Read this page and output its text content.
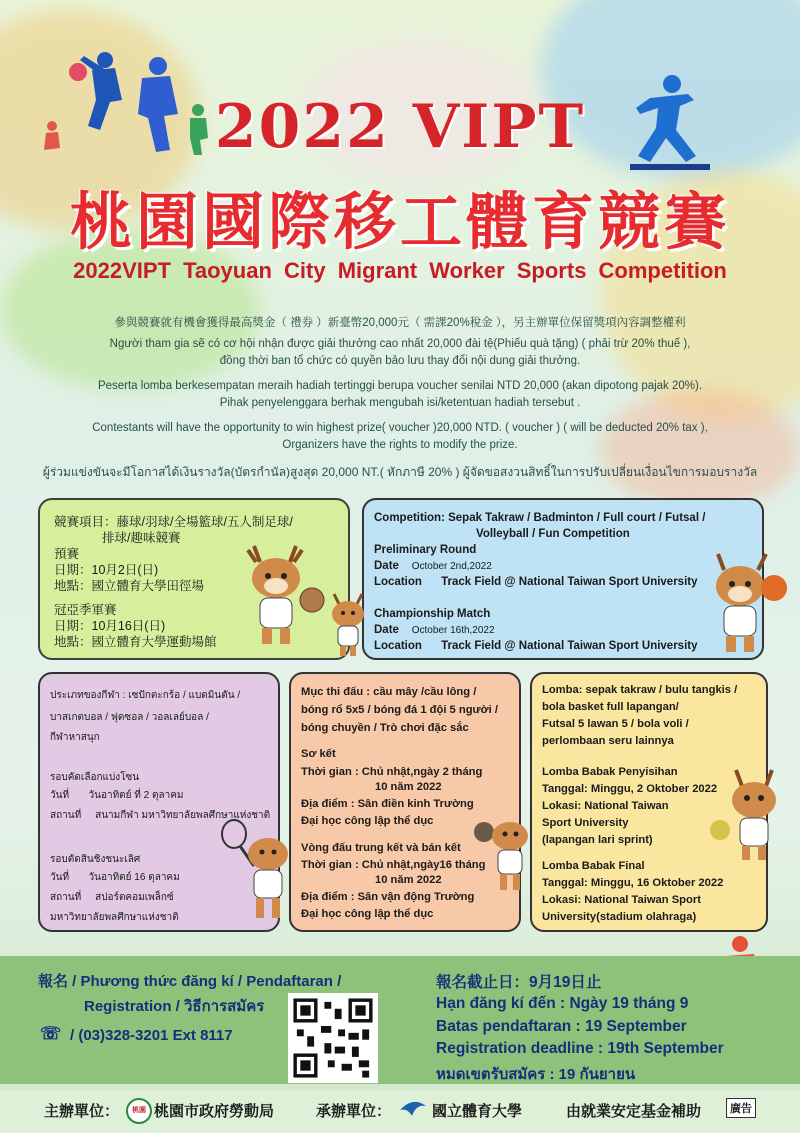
2022 VIPT
桃園國際移工體育競賽
2022VIPT Taoyuan City Migrant Worker Sports Competition
參與競賽就有機會獲得最高獎金（ 禮券 ）新臺幣20,000元（ 需課20%稅金 ），另主辦單位保留獎項內容調整權利
Người tham gia sẽ có cơ hội nhận được giải thưởng cao nhất 20,000 đài tệ(Phiếu quà tặng) ( phải trừ 20% thuế ),
đồng thời ban tổ chức có quyền bảo lưu thay đổi nội dung giải thưởng.
Peserta lomba berkesempatan meraih hadiah tertinggi berupa voucher senilai NTD 20,000 (akan dipotong pajak 20%).
Pihak penyelenggara berhak mengubah isi/ketentuan hadiah tersebut .
Contestants will have the opportunity to win highest prize( voucher )20,000 NTD. ( voucher ) ( will be deducted 20% tax ),
Organizers have the rights to modify the prize.
ผู้ร่วมแข่งขันจะมีโอกาสได้เงินรางวัล(บัตรกำนัล)สูงสุด 20,000 NT.( หักภาษี 20% ) ผู้จัดขอสงวนสิทธิ์ในการปรับเปลี่ยนเงื่อนไขการมอบรางวัล
競賽項目：藤球/羽球/全場籃球/五人制足球/
排球/趣味競賽
預賽
日期：10月2日(日)
地點：國立體育大學田徑場
冠亞季軍賽
日期：10月16日(日)
地點：國立體育大學運動場館
Competition: Sepak Takraw / Badminton / Full court / Futsal /
Volleyball / Fun Competition
Preliminary Round
Date October 2nd,2022
Location Track Field @ National Taiwan Sport University
Championship Match
Date October 16th,2022
Location Track Field @ National Taiwan Sport University
ประเภทของกีฬา : เซปักตะกร้อ / แบดมินตัน /
บาสเกตบอล / ฟุตซอล / วอลเลย์บอล /
กีฬาหาสนุก
รอบคัดเลือกแบ่งโซน
วันที่ วันอาทิตย์ ที่ 2 ตุลาคม
สถานที่ สนามกีฬา มหาวิทยาลัยพลศึกษาแห่งชาติ
รอบตัดสินชิงชนะเลิศ
วันที่ วันอาทิตย์ 16 ตุลาคม
สถานที่ สปอร์ตคอมเพล็กซ์
มหาวิทยาลัยพลศึกษาแห่งชาติ
Mục thi đấu : cầu mây /cầu lông /
bóng rổ 5x5 / bóng đá 1 đội 5 người /
bóng chuyền / Trò chơi đặc sắc
Sơ kết
Thời gian : Chủ nhật,ngày 2 tháng
10 năm 2022
Địa điểm : Sân điền kinh Trường
Đại học công lập thể dục
Vòng đấu trung kết và bán kết
Thời gian : Chủ nhật,ngày16 tháng
10 năm 2022
Địa điểm : Sân vận động Trường
Đại học công lập thể dục
Lomba: sepak takraw / bulu tangkis /
bola basket full lapangan/
Futsal 5 lawan 5 / bola voli /
perlombaan seru lainnya
Lomba Babak Penyisihan
Tanggal: Minggu, 2 Oktober 2022
Lokasi: National Taiwan
Sport University
(lapangan lari sprint)
Lomba Babak Final
Tanggal: Minggu, 16 Oktober 2022
Lokasi: National Taiwan Sport
University(stadium olahraga)
報名 / Phương thức đăng kí / Pendaftaran /
Registration / วิธีการสมัคร
☏ / (03)328-3201 Ext 8117
報名截止日：9月19日止
Hạn đăng kí đến : Ngày 19 tháng 9
Batas pendaftaran : 19 September
Registration deadline : 19th September
หมดเขตรับสมัคร : 19 กันยายน
主辦單位：	桃園 桃園市政府勞動局	承辦單位：	國立體育大學	由就業安定基金補助	廣告
